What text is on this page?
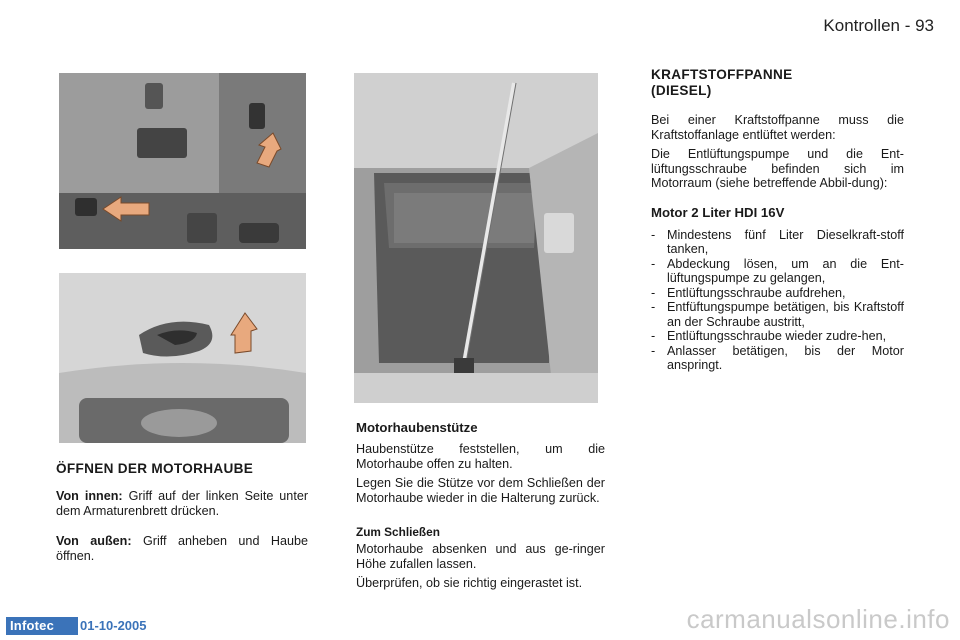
Kontrollen - 93
ÖFFNEN DER MOTORHAUBE

Von innen: Griff auf der linken Seite unter dem Armaturenbrett drücken.

Von außen: Griff anheben und Haube öffnen.

Motorhaubenstütze

Haubenstütze feststellen, um die Motorhaube offen zu halten.

Legen Sie die Stütze vor dem Schließen der Motorhaube wieder in die Halterung zurück.

Zum Schließen

Motorhaube absenken und aus ge-ringer Höhe zufallen lassen.

Überprüfen, ob sie richtig eingerastet ist.

KRAFTSTOFFPANNE (DIESEL)

Bei einer Kraftstoffpanne muss die Kraftstoffanlage entlüftet werden:

Die Entlüftungspumpe und die Ent-lüftungsschraube befinden sich im Motorraum (siehe betreffende Abbil-dung):

Motor 2 Liter HDI 16V
- Mindestens fünf Liter Dieselkraft-stoff tanken,
- Abdeckung lösen, um an die Ent-lüftungspumpe zu gelangen,
- Entlüftungsschraube aufdrehen,
- Entfüftungspumpe betätigen, bis Kraftstoff an der Schraube austritt,
- Entlüftungsschraube wieder zudre-hen,
- Anlasser betätigen, bis der Motor anspringt.
Infotec	01-10-2005	carmanualsonline.info
